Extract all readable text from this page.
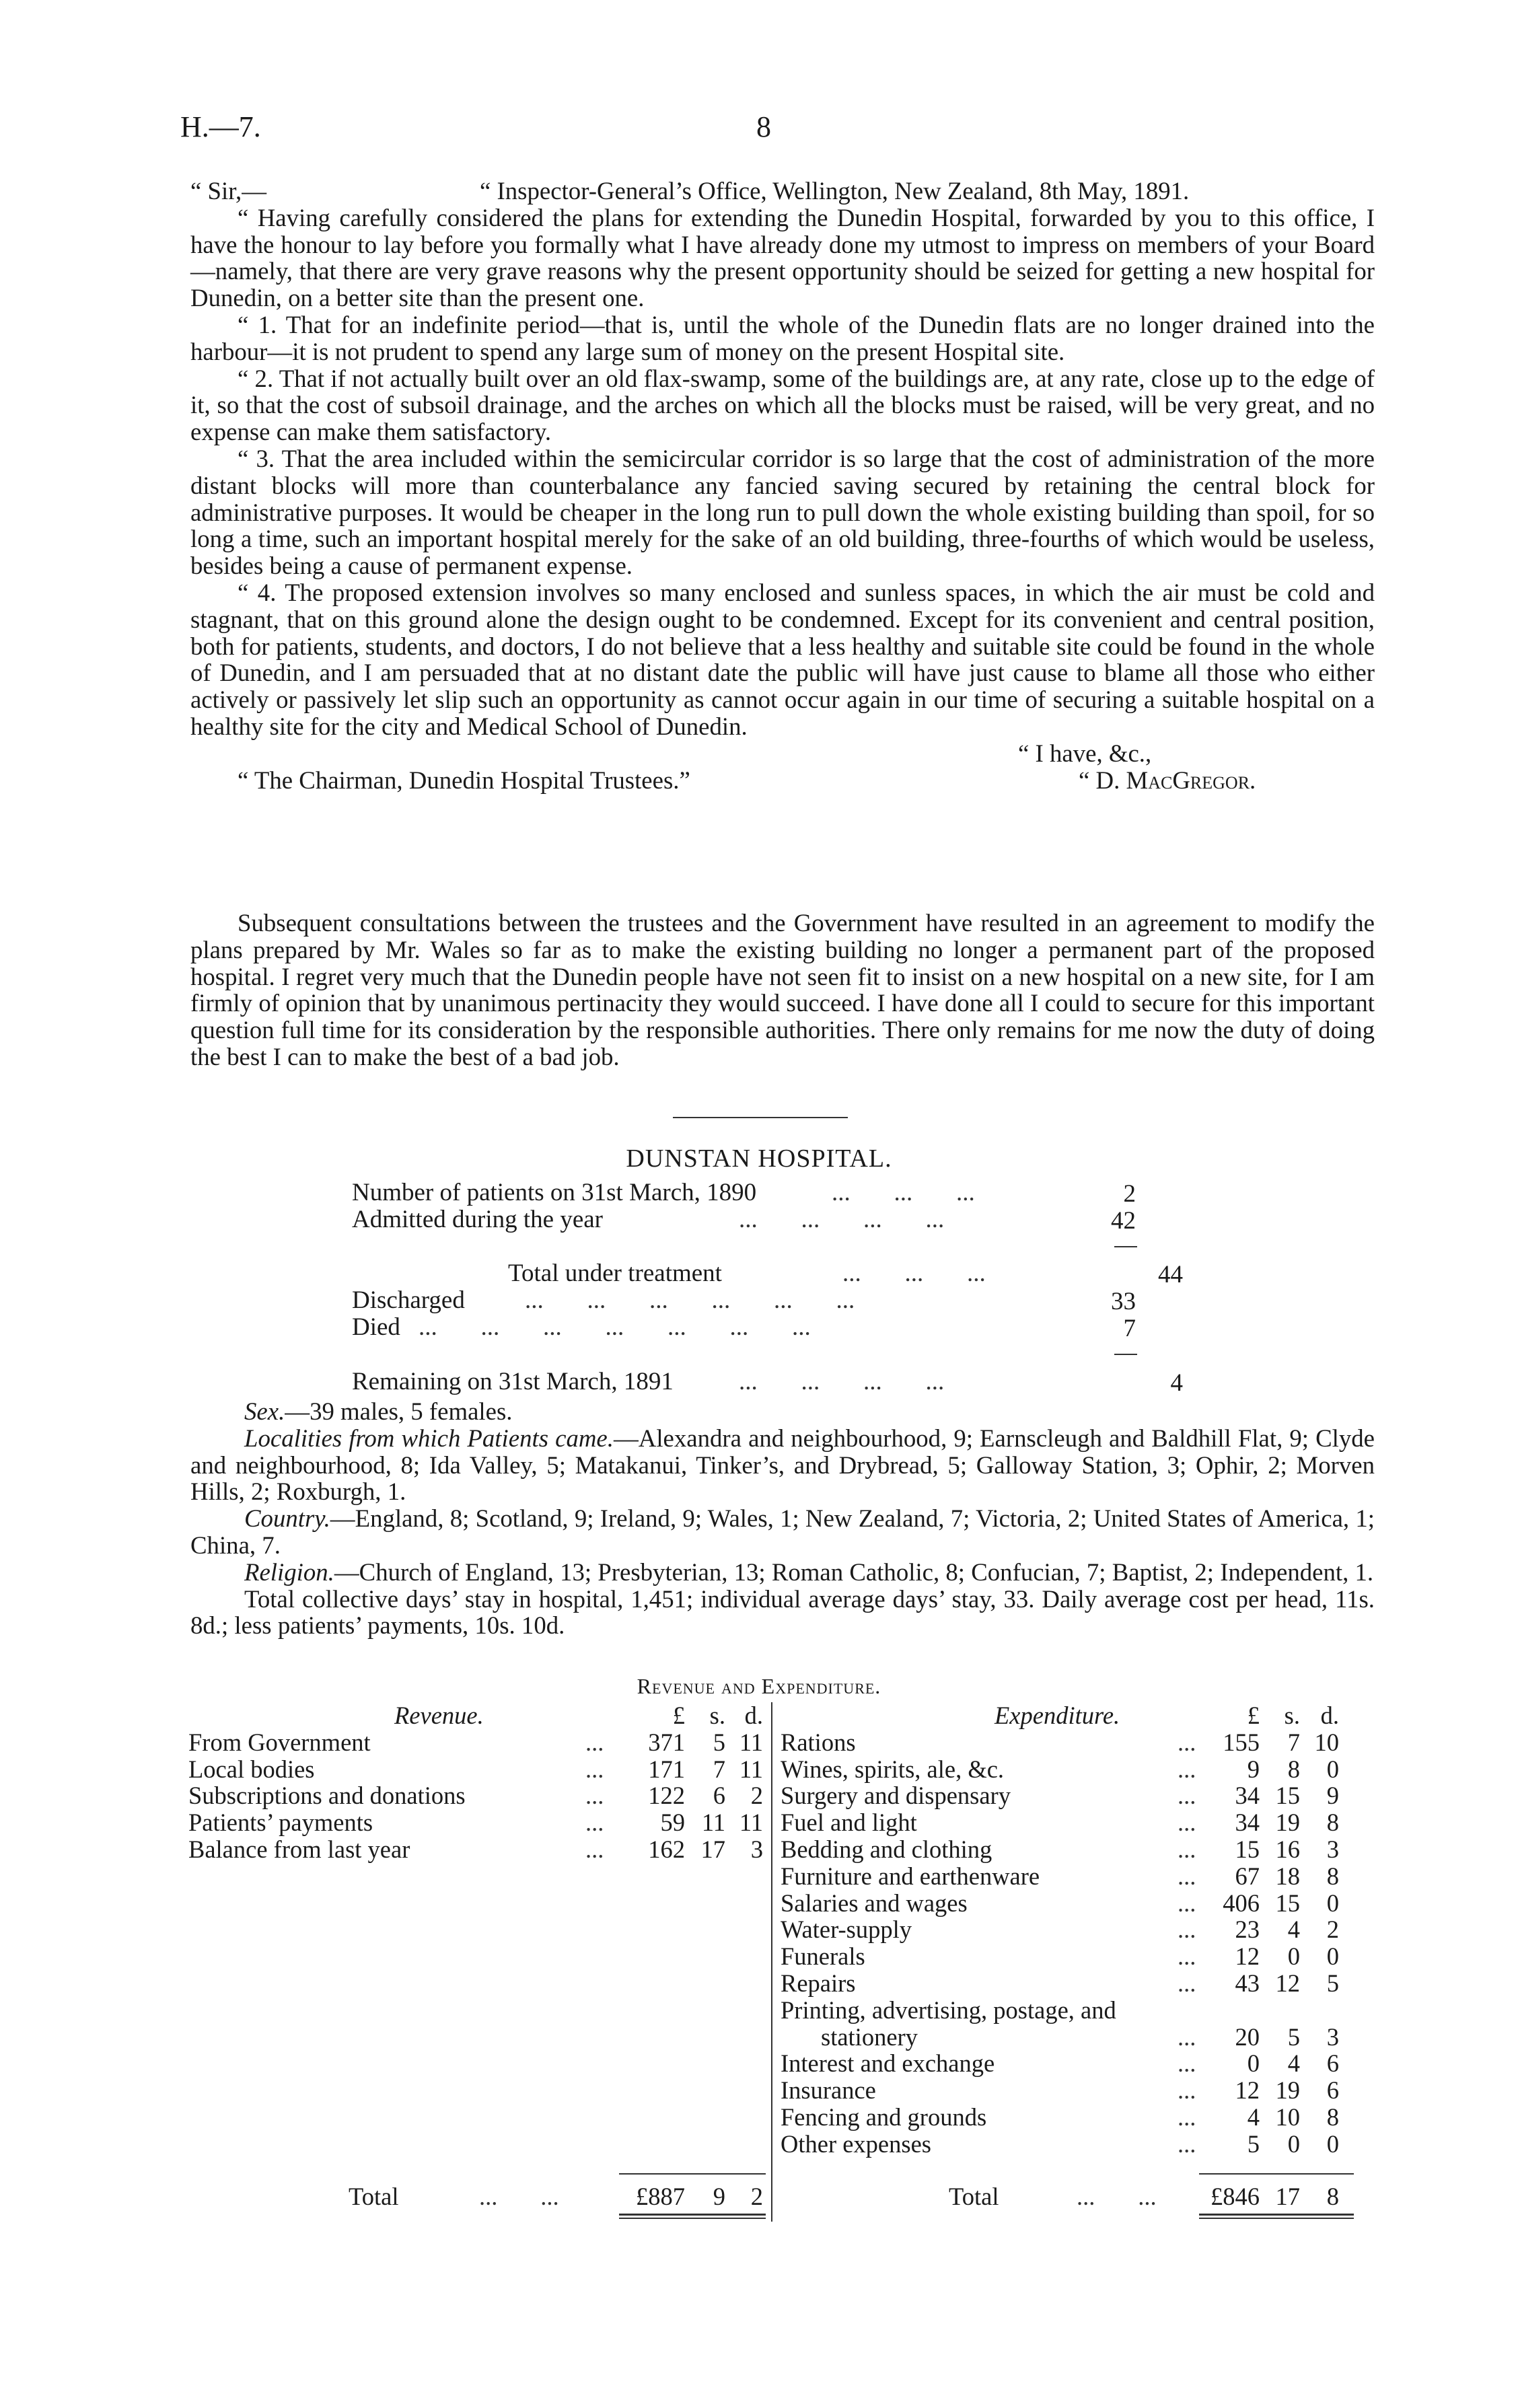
H.—7.	8

“ Sir,—	“ Inspector-General’s Office, Wellington, New Zealand, 8th May, 1891.

“ Having carefully considered the plans for extending the Dunedin Hospital, forwarded by you to this office, I have the honour to lay before you formally what I have already done my utmost to impress on members of your Board—namely, that there are very grave reasons why the present opportunity should be seized for getting a new hospital for Dunedin, on a better site than the present one.

“ 1. That for an indefinite period—that is, until the whole of the Dunedin flats are no longer drained into the harbour—it is not prudent to spend any large sum of money on the present Hospital site.

“ 2. That if not actually built over an old flax-swamp, some of the buildings are, at any rate, close up to the edge of it, so that the cost of subsoil drainage, and the arches on which all the blocks must be raised, will be very great, and no expense can make them satisfactory.

“ 3. That the area included within the semicircular corridor is so large that the cost of administration of the more distant blocks will more than counterbalance any fancied saving secured by retaining the central block for administrative purposes. It would be cheaper in the long run to pull down the whole existing building than spoil, for so long a time, such an important hospital merely for the sake of an old building, three-fourths of which would be useless, besides being a cause of permanent expense.

“ 4. The proposed extension involves so many enclosed and sunless spaces, in which the air must be cold and stagnant, that on this ground alone the design ought to be condemned. Except for its convenient and central position, both for patients, students, and doctors, I do not believe that a less healthy and suitable site could be found in the whole of Dunedin, and I am persuaded that at no distant date the public will have just cause to blame all those who either actively or passively let slip such an opportunity as cannot occur again in our time of securing a suitable hospital on a healthy site for the city and Medical School of Dunedin.

“ I have, &c.,
“ The Chairman, Dunedin Hospital Trustees.”	“ D. MacGregor.

Subsequent consultations between the trustees and the Government have resulted in an agreement to modify the plans prepared by Mr. Wales so far as to make the existing building no longer a permanent part of the proposed hospital. I regret very much that the Dunedin people have not seen fit to insist on a new hospital on a new site, for I am firmly of opinion that by unanimous pertinacity they would succeed. I have done all I could to secure for this important question full time for its consideration by the responsible authorities. There only remains for me now the duty of doing the best I can to make the best of a bad job.

DUNSTAN HOSPITAL.
Number of patients on 31st March, 1890	...       ...       ...	2
Admitted during the year	...       ...       ...       ...	42
Total under treatment	...       ...       ...	44
Discharged ...       ...       ...       ...       ...       ...	33
Died ...       ...       ...       ...       ...       ...       ...	7
Remaining on 31st March, 1891	...       ...       ...       ...	4

Sex.—39 males, 5 females.

Localities from which Patients came.—Alexandra and neighbourhood, 9; Earnscleugh and Baldhill Flat, 9; Clyde and neighbourhood, 8; Ida Valley, 5; Matakanui, Tinker’s, and Drybread, 5; Galloway Station, 3; Ophir, 2; Morven Hills, 2; Roxburgh, 1.

Country.—England, 8; Scotland, 9; Ireland, 9; Wales, 1; New Zealand, 7; Victoria, 2; United States of America, 1; China, 7.

Religion.—Church of England, 13; Presbyterian, 13; Roman Catholic, 8; Confucian, 7; Baptist, 2; Independent, 1.

Total collective days’ stay in hospital, 1,451; individual average days’ stay, 33. Daily average cost per head, 11s. 8d.; less patients’ payments, 10s. 10d.

Revenue and Expenditure.
Revenue.	£	s. d.
From Government	371	5 11
...
Local bodies	171	7 11
...
Subscriptions and donations	122	6	2
...
Patients’ payments	59 11 11
...
Balance from last year	162 17	3
...
Expenditure.	£	s. d.
Rations	155	7 10
...
Wines, spirits, ale, &c.	9	8	0
...
Surgery and dispensary	34 15	9
...
Fuel and light	34 19	8
...
Bedding and clothing	15 16	3
...
Furniture and earthenware	67 18	8
...
Salaries and wages	406 15	0
...
Water-supply	23	4	2
...
Funerals	12	0	0
...
Repairs	43 12	5
...
Printing, advertising, postage, and
stationery	20	5	3
...
Interest and exchange	0	4	6
...
Insurance	12 19	6
...
Fencing and grounds	4 10	8
...
Other expenses	5	0	0
...
Total	...       ...	£887	9	2	Total	...       ...	£846 17	8
